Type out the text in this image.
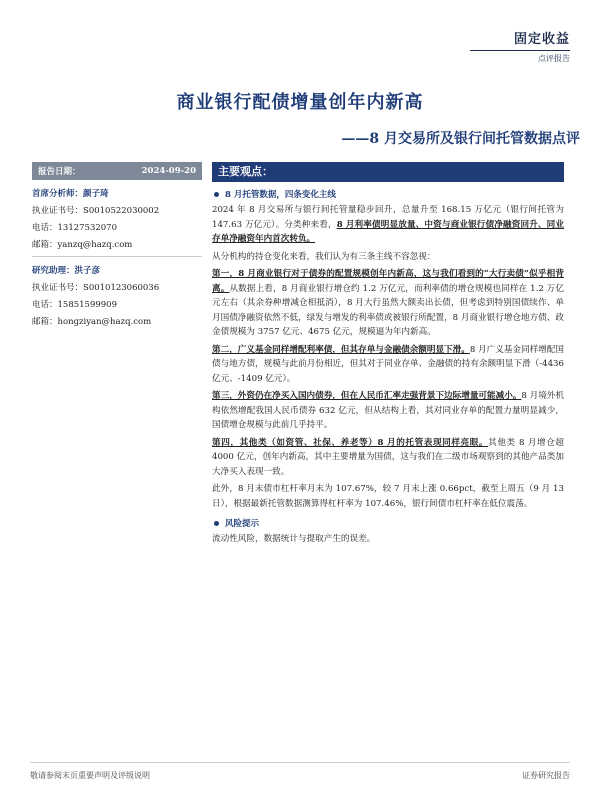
固定收益
点评报告
商业银行配债增量创年内新高
——8 月交易所及银行间托管数据点评
报告日期：	2024-09-20
首席分析师：颜子琦
执业证书号：S0010522030002
电话：13127532070
邮箱：yanzq@hazq.com
研究助理：洪子彦
执业证书号：S0010123060036
电话：15851599909
邮箱：hongziyan@hazq.com
主要观点：
8 月托管数据，四条变化主线

2024 年 8 月交易所与银行间托管量稳步回升，总量升至 168.15 万亿元（银行间托管为 147.63 万亿元）。分类种来看，8 月利率债明显放量、中资与商业银行债净融资回升、同业存单净融资年内首次转负。

从分机构的持仓变化来看，我们认为有三条主线不容忽视：

第一，8 月商业银行对于债券的配置规模创年内新高，这与我们看到的“大行卖债”似乎相背离。从数据上看，8 月商业银行增仓约 1.2 万亿元，而利率债的增仓规模也同样在 1.2 万亿元左右（其余券种增减仓相抵消），8 月大行虽然大额卖出长债，但考虑到特别国债续作、单月国债净融资依然不低，绿发与增发的利率债或被银行所配置，8 月商业银行增仓地方债、政金债规模为 3757 亿元、4675 亿元，规模逼为年内新高。

第二，广义基金同样增配利率债，但其存单与金融债余额明显下滑。8 月广义基金同样增配国债与地方债，规模与此前月份相近，但其对于同业存单、金融债的持有余额明显下滑（-4436 亿元、-1409 亿元）。

第三，外资仍在净买入国内债券，但在人民币汇率走强背景下边际增量可能减小。8 月境外机构依然增配我国人民币债券 632 亿元，但从结构上看，其对同业存单的配置力量明显减少，国债增仓规模与此前几乎持平。

第四，其他类（如资管、社保、养老等）8 月的托管表现同样亮眼。其他类 8 月增仓超 4000 亿元，创年内新高，其中主要增量为国债，这与我们在二级市场观察到的其他产品类加大净买入表现一致。

此外，8 月末债市杠杆率月末为 107.67%，较 7 月末上涨 0.66pct，截至上周五（9 月 13 日），根据最新托管数据测算得杠杆率为 107.46%，银行间债市杠杆率在低位震荡。

风险提示

流动性风险，数据统计与提取产生的误差。

敬请参阅末页重要声明及评级说明	证券研究报告
